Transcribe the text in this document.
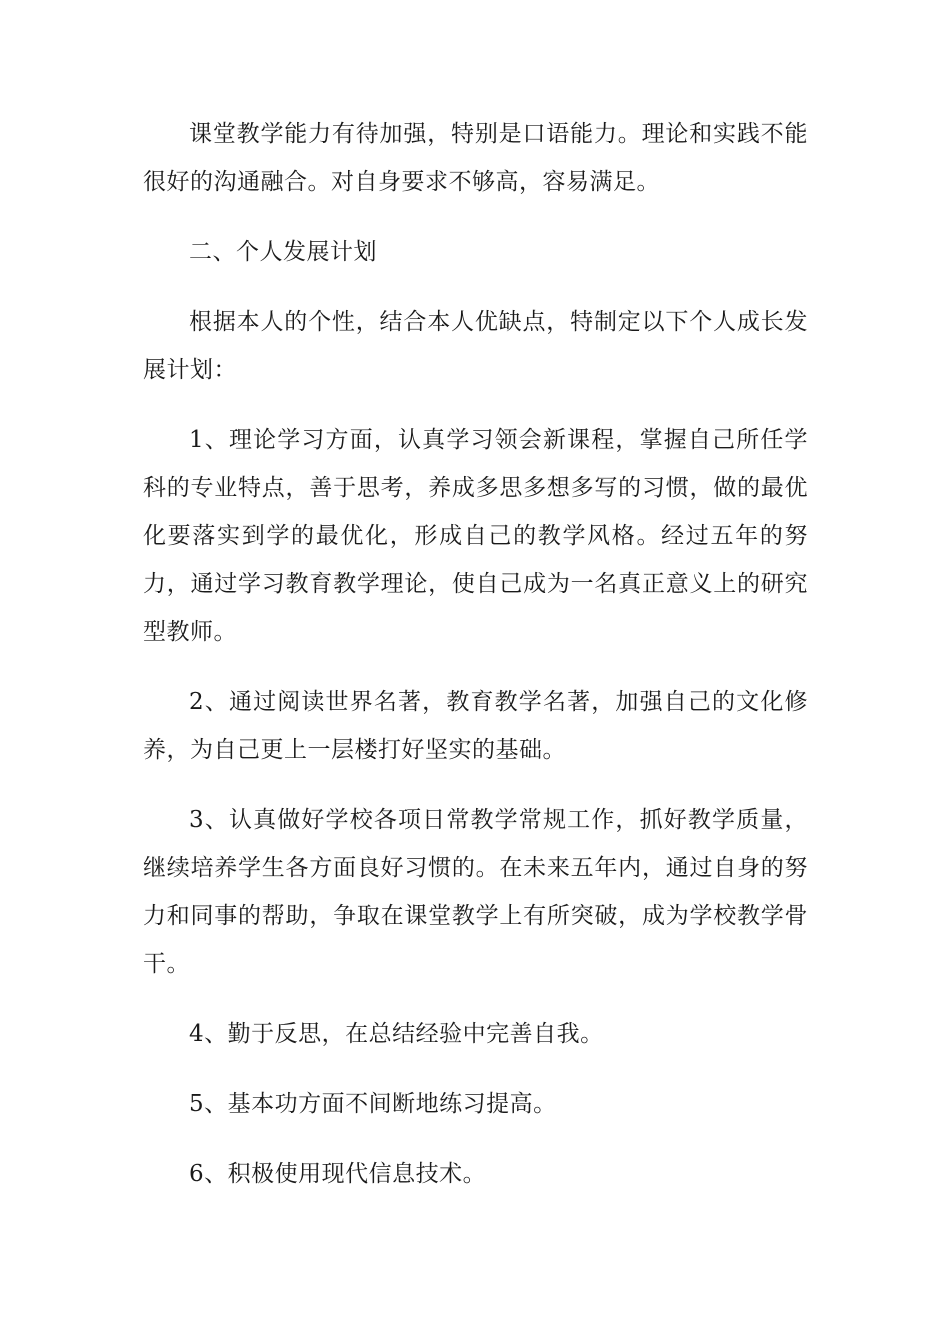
课堂教学能力有待加强，特别是口语能力。理论和实践不能很好的沟通融合。对自身要求不够高，容易满足。

二、个人发展计划

根据本人的个性，结合本人优缺点，特制定以下个人成长发展计划：

1、理论学习方面，认真学习领会新课程，掌握自己所任学科的专业特点，善于思考，养成多思多想多写的习惯，做的最优化要落实到学的最优化，形成自己的教学风格。经过五年的努力，通过学习教育教学理论，使自己成为一名真正意义上的研究型教师。

2、通过阅读世界名著，教育教学名著，加强自己的文化修养，为自己更上一层楼打好坚实的基础。

3、认真做好学校各项日常教学常规工作，抓好教学质量，继续培养学生各方面良好习惯的。在未来五年内，通过自身的努力和同事的帮助，争取在课堂教学上有所突破，成为学校教学骨干。

4、勤于反思，在总结经验中完善自我。

5、基本功方面不间断地练习提高。

6、积极使用现代信息技术。
